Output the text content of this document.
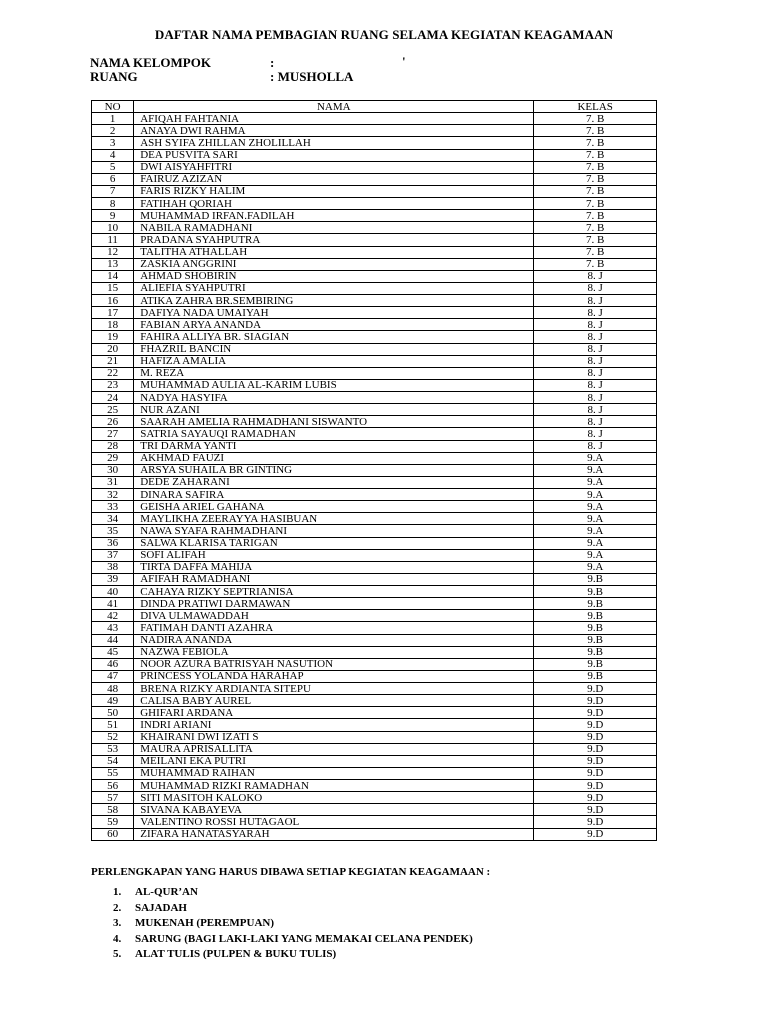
DAFTAR NAMA PEMBAGIAN RUANG SELAMA KEGIATAN KEAGAMAAN
NAMA KELOMPOK	:	'
RUANG	: MUSHOLLA
NO	NAMA	KELAS
1	AFIQAH FAHTANIA	7. B
2	ANAYA DWI RAHMA	7. B
3	ASH SYIFA ZHILLAN ZHOLILLAH	7. B
4	DEA PUSVITA SARI	7. B
5	DWI AISYAHFITRI	7. B
6	FAIRUZ AZIZAN	7. B
7	FARIS RIZKY HALIM	7. B
8	FATIHAH QORIAH	7. B
9	MUHAMMAD IRFAN.FADILAH	7. B
10	NABILA RAMADHANI	7. B
11	PRADANA SYAHPUTRA	7. B
12	TALITHA ATHALLAH	7. B
13	ZASKIA ANGGRINI	7. B
14	AHMAD SHOBIRIN	8. J
15	ALIEFIA SYAHPUTRI	8. J
16	ATIKA ZAHRA BR.SEMBIRING	8. J
17	DAFIYA NADA UMAIYAH	8. J
18	FABIAN ARYA ANANDA	8. J
19	FAHIRA ALLIYA BR. SIAGIAN	8. J
20	FHAZRIL BANCIN	8. J
21	HAFIZA AMALIA	8. J
22	M. REZA	8. J
23	MUHAMMAD AULIA AL-KARIM LUBIS	8. J
24	NADYA HASYIFA	8. J
25	NUR AZANI	8. J
26	SAARAH AMELIA RAHMADHANI SISWANTO	8. J
27	SATRIA SAYAUQI RAMADHAN	8. J
28	TRI DARMA YANTI	8. J
29	AKHMAD FAUZI	9.A
30	ARSYA SUHAILA BR GINTING	9.A
31	DEDE ZAHARANI	9.A
32	DINARA SAFIRA	9.A
33	GEISHA ARIEL GAHANA	9.A
34	MAYLIKHA ZEERAYYA HASIBUAN	9.A
35	NAWA SYAFA RAHMADHANI	9.A
36	SALWA KLARISA TARIGAN	9.A
37	SOFI ALIFAH	9.A
38	TIRTA DAFFA MAHIJA	9.A
39	AFIFAH RAMADHANI	9.B
40	CAHAYA RIZKY SEPTRIANISA	9.B
41	DINDA PRATIWI DARMAWAN	9.B
42	DIVA ULMAWADDAH	9.B
43	FATIMAH DANTI AZAHRA	9.B
44	NADIRA ANANDA	9.B
45	NAZWA FEBIOLA	9.B
46	NOOR AZURA BATRISYAH NASUTION	9.B
47	PRINCESS YOLANDA HARAHAP	9.B
48	BRENA RIZKY ARDIANTA SITEPU	9.D
49	CALISA BABY AUREL	9.D
50	GHIFARI ARDANA	9.D
51	INDRI ARIANI	9.D
52	KHAIRANI DWI IZATI S	9.D
53	MAURA APRISALLITA	9.D
54	MEILANI EKA PUTRI	9.D
55	MUHAMMAD RAIHAN	9.D
56	MUHAMMAD RIZKI RAMADHAN	9.D
57	SITI MASITOH KALOKO	9.D
58	SIVANA KABAYEVA	9.D
59	VALENTINO ROSSI HUTAGAOL	9.D
60	ZIFARA HANATASYARAH	9.D
PERLENGKAPAN YANG HARUS DIBAWA SETIAP KEGIATAN KEAGAMAAN :
1. AL-QUR’AN
2. SAJADAH
3. MUKENAH (PEREMPUAN)
4. SARUNG (BAGI LAKI-LAKI YANG MEMAKAI CELANA PENDEK)
5. ALAT TULIS (PULPEN & BUKU TULIS)
